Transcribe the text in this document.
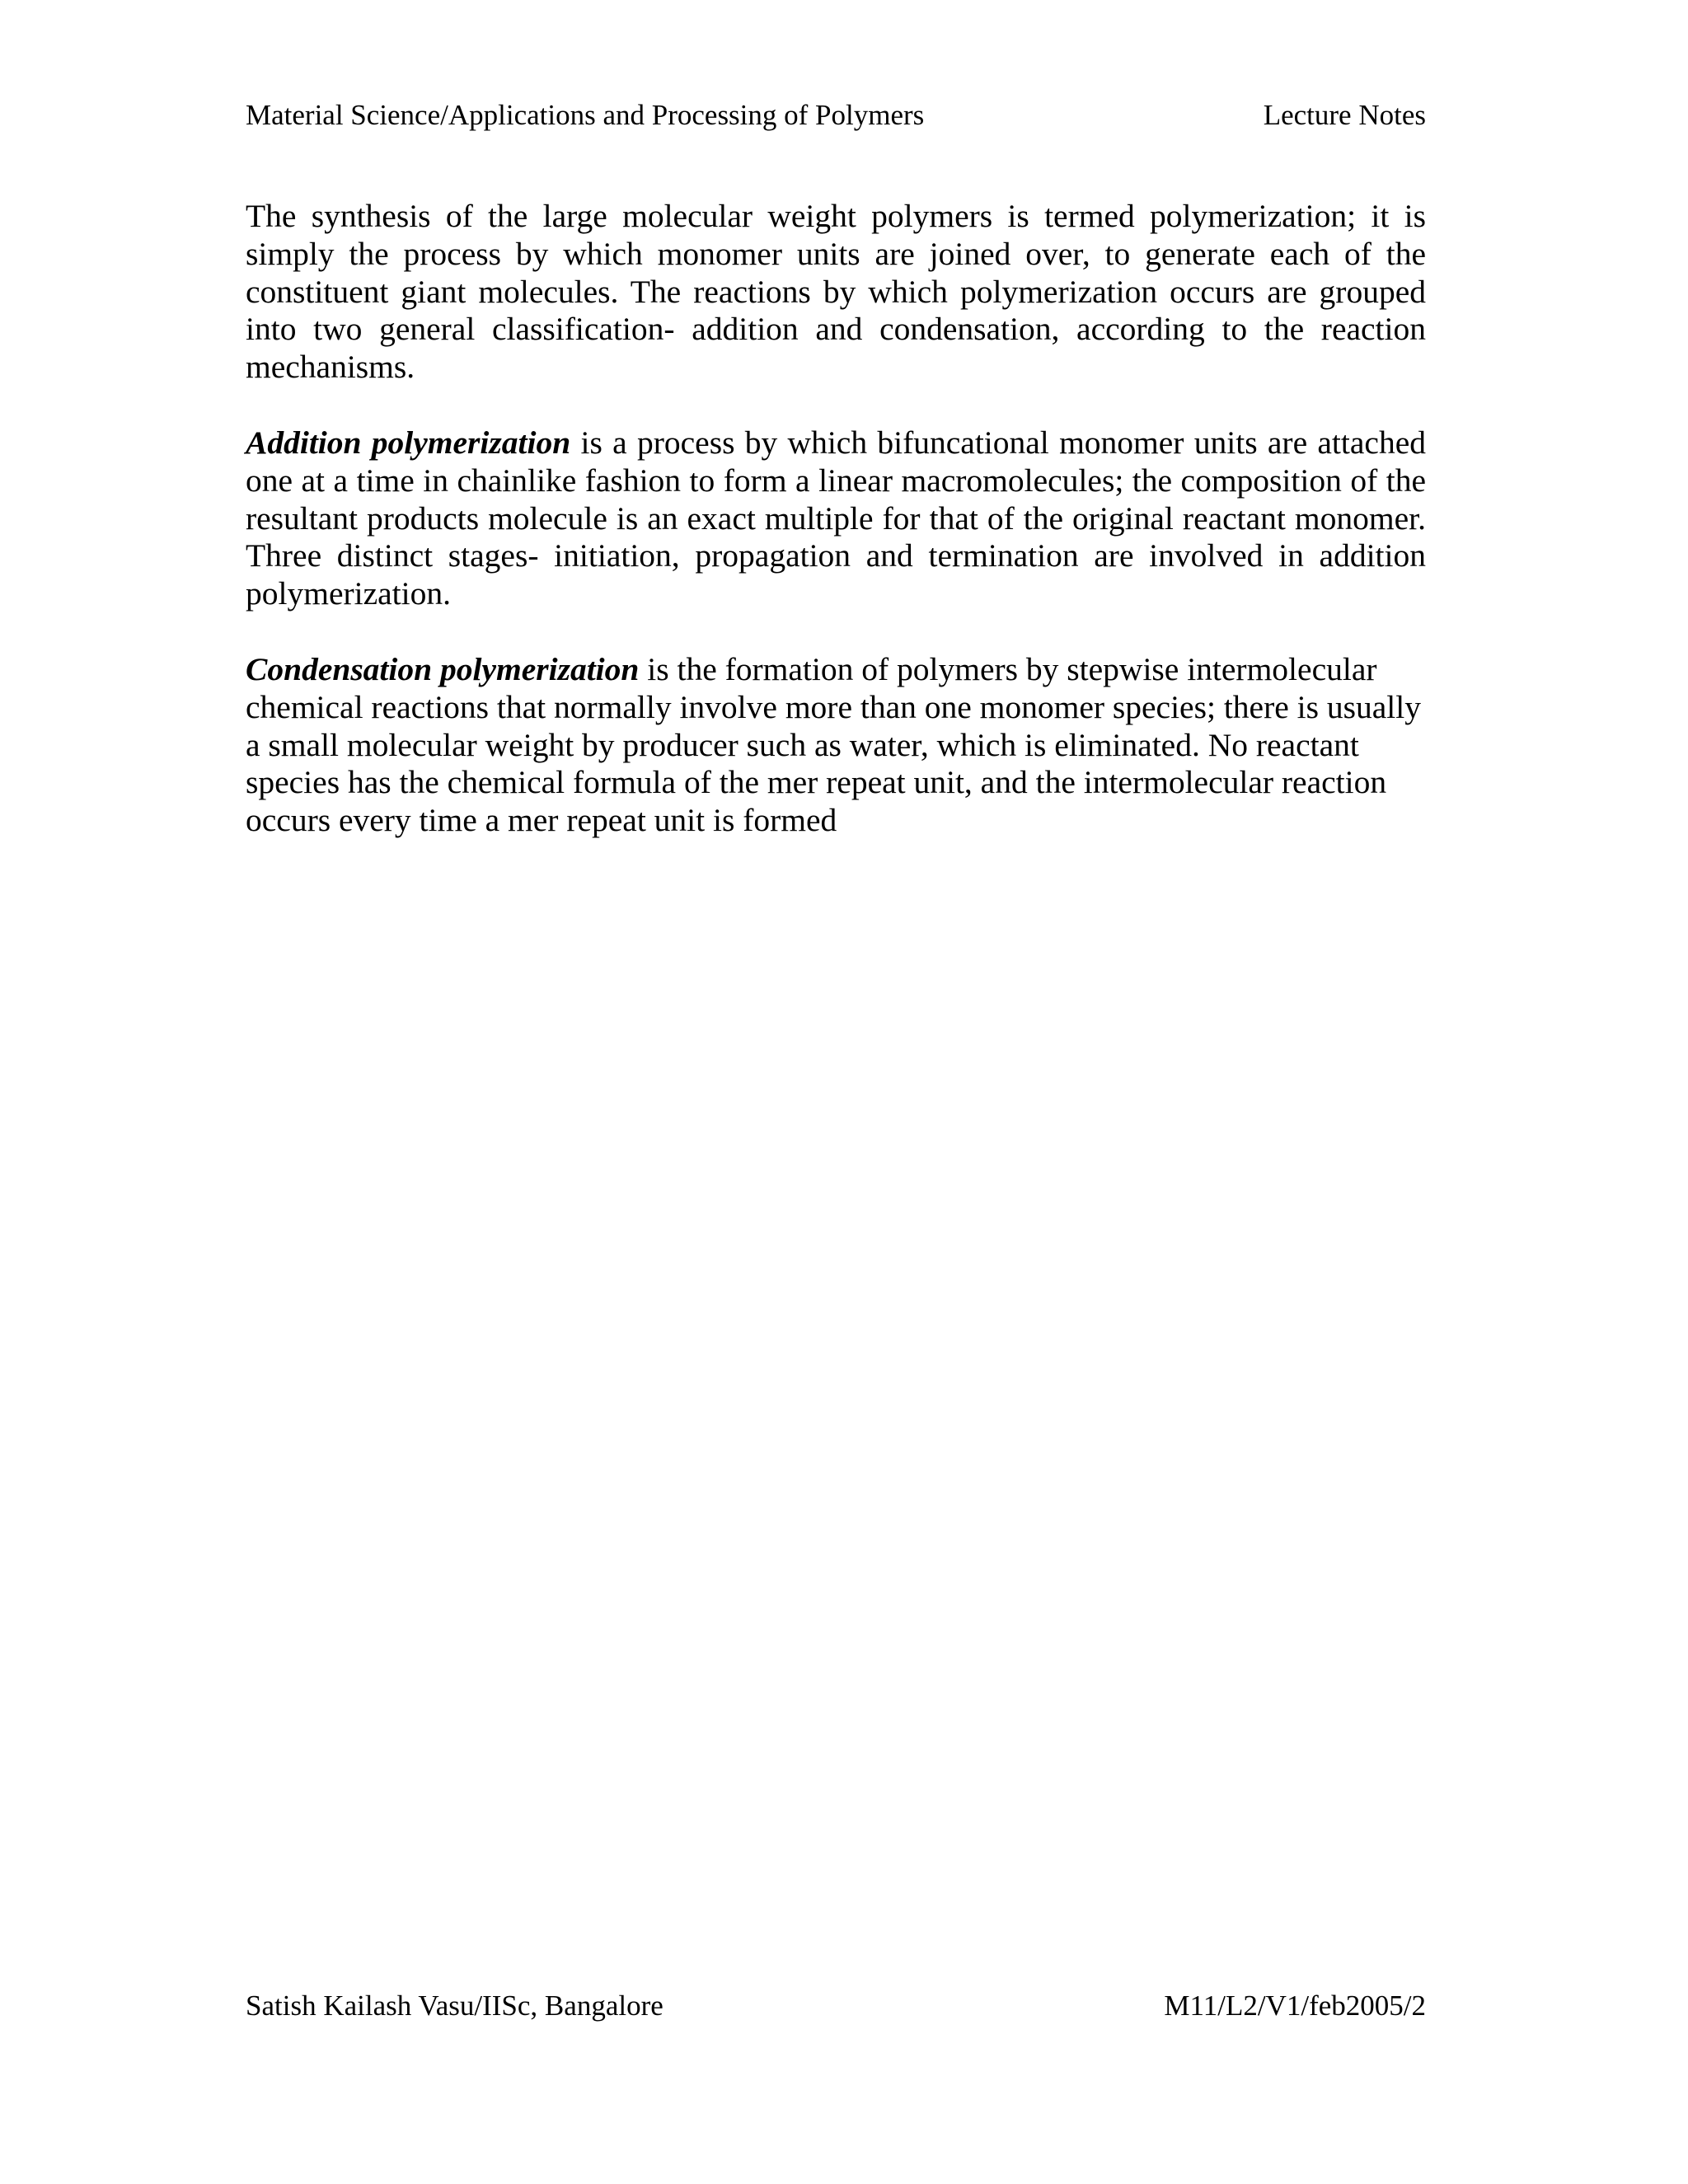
Material Science/Applications and Processing of Polymers	Lecture Notes

The synthesis of the large molecular weight polymers is termed polymerization; it is simply the process by which monomer units are joined over, to generate each of the constituent giant molecules. The reactions by which polymerization occurs are grouped into two general classification- addition and condensation, according to the reaction mechanisms.

Addition polymerization is a process by which bifuncational monomer units are attached one at a time in chainlike fashion to form a linear macromolecules; the composition of the resultant products molecule is an exact multiple for that of the original reactant monomer. Three distinct stages- initiation, propagation and termination are involved in addition polymerization.

Condensation polymerization is the formation of polymers by stepwise intermolecular chemical reactions that normally involve more than one monomer species; there is usually a small molecular weight by producer such as water, which is eliminated. No reactant species has the chemical formula of the mer repeat unit, and the intermolecular reaction occurs every time a mer repeat unit is formed

Satish Kailash Vasu/IISc, Bangalore	M11/L2/V1/feb2005/2
